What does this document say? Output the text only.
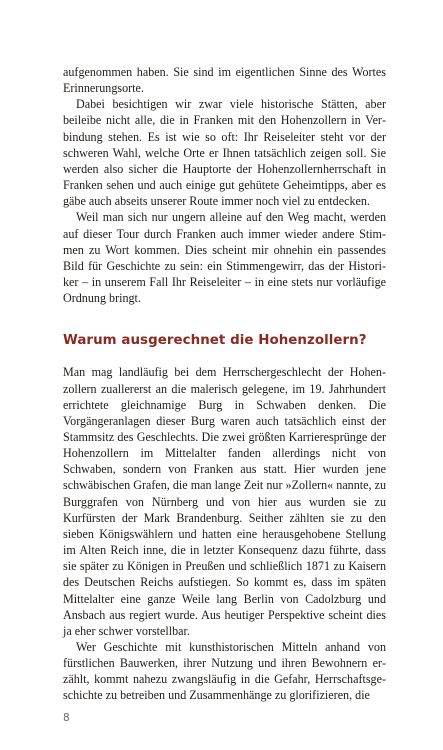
aufgenommen haben. Sie sind im eigentlichen Sinne des Wortes Erinnerungsorte.

Dabei besichtigen wir zwar viele historische Stätten, aber beileibe nicht alle, die in Franken mit den Hohenzollern in Verbindung stehen. Es ist wie so oft: Ihr Reiseleiter steht vor der schweren Wahl, welche Orte er Ihnen tatsächlich zeigen soll. Sie werden also sicher die Hauptorte der Hohenzollernherrschaft in Franken sehen und auch einige gut gehütete Geheimtipps, aber es gäbe auch abseits unserer Route immer noch viel zu entdecken.

Weil man sich nur ungern alleine auf den Weg macht, werden auf dieser Tour durch Franken auch immer wieder andere Stimmen zu Wort kommen. Dies scheint mir ohnehin ein passendes Bild für Geschichte zu sein: ein Stimmengewirr, das der Historiker – in unserem Fall Ihr Reiseleiter – in eine stets nur vorläufige Ordnung bringt.

Warum ausgerechnet die Hohenzollern?

Man mag landläufig bei dem Herrschergeschlecht der Hohenzollern zuallererst an die malerisch gelegene, im 19. Jahrhundert errichtete gleichnamige Burg in Schwaben denken. Die Vorgängeranlagen dieser Burg waren auch tatsächlich einst der Stammsitz des Geschlechts. Die zwei größten Karrieresprünge der Hohenzollern im Mittelalter fanden allerdings nicht von Schwaben, sondern von Franken aus statt. Hier wurden jene schwäbischen Grafen, die man lange Zeit nur »Zollern« nannte, zu Burggrafen von Nürnberg und von hier aus wurden sie zu Kurfürsten der Mark Brandenburg. Seither zählten sie zu den sieben Königswählern und hatten eine herausgehobene Stellung im Alten Reich inne, die in letzter Konsequenz dazu führte, dass sie später zu Königen in Preußen und schließlich 1871 zu Kaisern des Deutschen Reichs aufstiegen. So kommt es, dass im späten Mittelalter eine ganze Weile lang Berlin von Cadolzburg und Ansbach aus regiert wurde. Aus heutiger Perspektive scheint dies ja eher schwer vorstellbar.

Wer Geschichte mit kunsthistorischen Mitteln anhand von fürstlichen Bauwerken, ihrer Nutzung und ihren Bewohnern erzählt, kommt nahezu zwangsläufig in die Gefahr, Herrschaftsgeschichte zu betreiben und Zusammenhänge zu glorifizieren, die

8
